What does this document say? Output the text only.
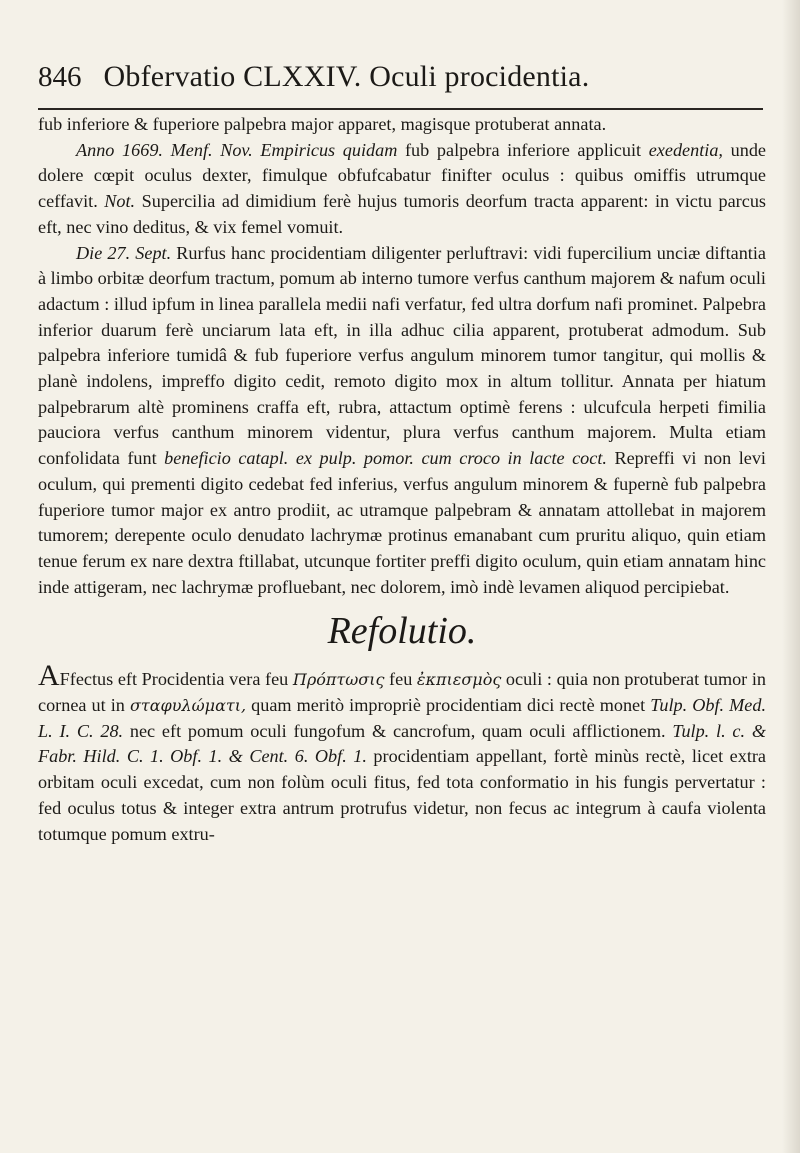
846 Obfervatio CLXXIV. Oculi procidentia.

fub inferiore & fuperiore palpebra major apparet, magisque protuberat annata.

Anno 1669. Menf. Nov. Empiricus quidam fub palpebra inferiore applicuit exedentia, unde dolere cœpit oculus dexter, fimulque obfufcabatur finifter oculus : quibus omiffis utrumque ceffavit. Not. Supercilia ad dimidium ferè hujus tumoris deorfum tracta apparent: in victu parcus eft, nec vino deditus, & vix femel vomuit.

Die 27. Sept. Rurfus hanc procidentiam diligenter perluftravi: vidi fupercilium unciæ diftantia à limbo orbitæ deorfum tractum, pomum ab interno tumore verfus canthum majorem & nafum oculi adactum : illud ipfum in linea parallela medii nafi verfatur, fed ultra dorfum nafi prominet. Palpebra inferior duarum ferè unciarum lata eft, in illa adhuc cilia apparent, protuberat admodum. Sub palpebra inferiore tumidâ & fub fuperiore verfus angulum minorem tumor tangitur, qui mollis & planè indolens, impreffo digito cedit, remoto digito mox in altum tollitur. Annata per hiatum palpebrarum altè prominens craffa eft, rubra, attactum optimè ferens : ulcufcula herpeti fimilia pauciora verfus canthum minorem videntur, plura verfus canthum majorem. Multa etiam confolidata funt beneficio catapl. ex pulp. pomor. cum croco in lacte coct. Repreffi vi non levi oculum, qui prementi digito cedebat fed inferius, verfus angulum minorem & fupernè fub palpebra fuperiore tumor major ex antro prodiit, ac utramque palpebram & annatam attollebat in majorem tumorem; derepente oculo denudato lachrymæ protinus emanabant cum pruritu aliquo, quin etiam tenue ferum ex nare dextra ftillabat, utcunque fortiter preffi digito oculum, quin etiam annatam hinc inde attigeram, nec lachrymæ profluebant, nec dolorem, imò indè levamen aliquod percipiebat.

Refolutio.

AFfectus eft Procidentia vera feu Πρόπτωσις feu ἐκπιεσμὸς oculi : quia non protuberat tumor in cornea ut in σταφυλώματι, quam meritò impropriè procidentiam dici rectè monet Tulp. Obf. Med. L. I. C. 28. nec eft pomum oculi fungofum & cancrofum, quam oculi afflictionem. Tulp. l. c. & Fabr. Hild. C. 1. Obf. 1. & Cent. 6. Obf. 1. procidentiam appellant, fortè minùs rectè, licet extra orbitam oculi excedat, cum non folùm oculi fitus, fed tota conformatio in his fungis pervertatur : fed oculus totus & integer extra antrum protrufus videtur, non fecus ac integrum à caufa violenta totumque pomum extru-
